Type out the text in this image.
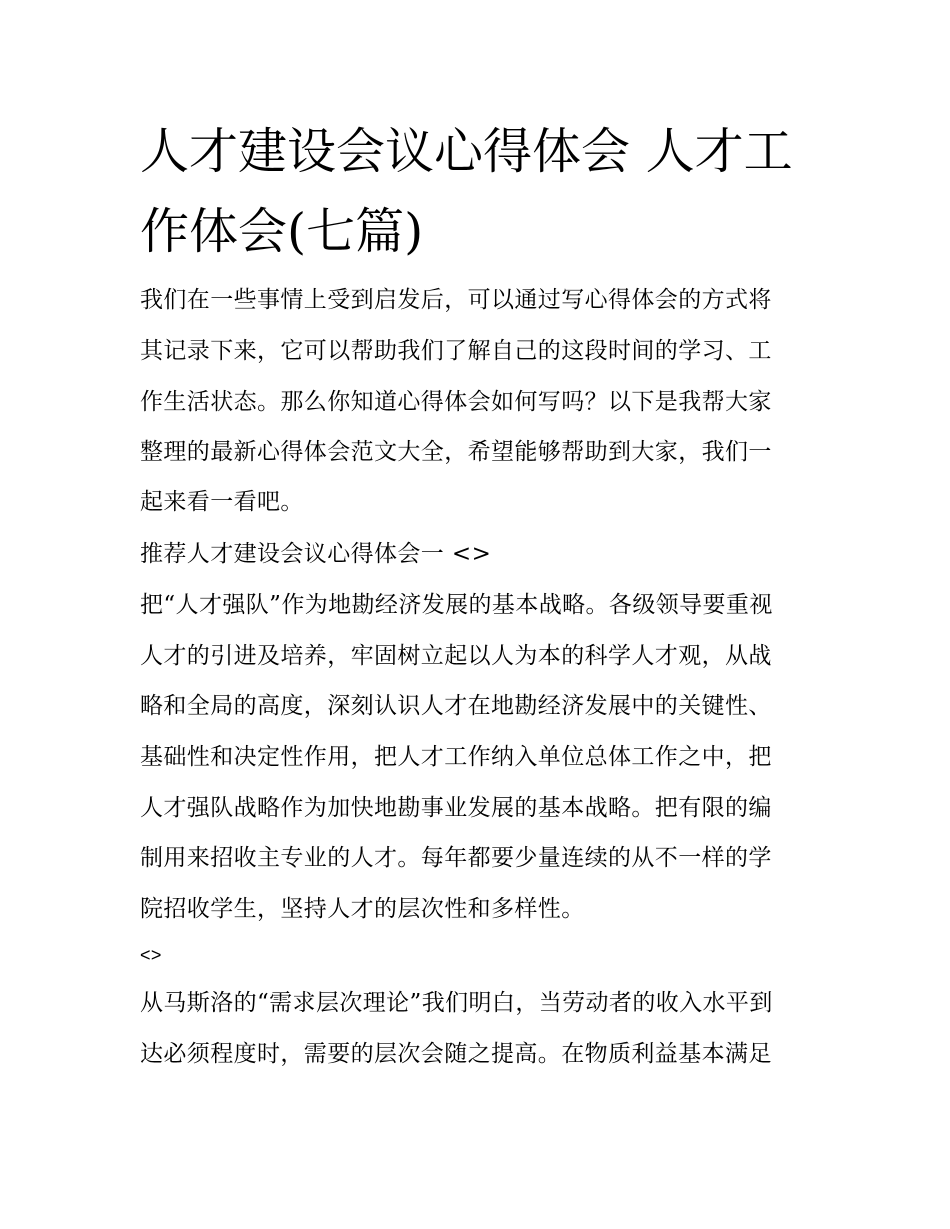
人才建设会议心得体会 人才工
作体会(七篇)
我们在一些事情上受到启发后，可以通过写心得体会的方式将
其记录下来，它可以帮助我们了解自己的这段时间的学习、工
作生活状态。那么你知道心得体会如何写吗？以下是我帮大家
整理的最新心得体会范文大全，希望能够帮助到大家，我们一
起来看一看吧。
推荐人才建设会议心得体会一 <>
把“人才强队”作为地勘经济发展的基本战略。各级领导要重视
人才的引进及培养，牢固树立起以人为本的科学人才观，从战
略和全局的高度，深刻认识人才在地勘经济发展中的关键性、
基础性和决定性作用，把人才工作纳入单位总体工作之中，把
人才强队战略作为加快地勘事业发展的基本战略。把有限的编
制用来招收主专业的人才。每年都要少量连续的从不一样的学
院招收学生，坚持人才的层次性和多样性。
<>
从马斯洛的“需求层次理论”我们明白，当劳动者的收入水平到
达必须程度时，需要的层次会随之提高。在物质利益基本满足
